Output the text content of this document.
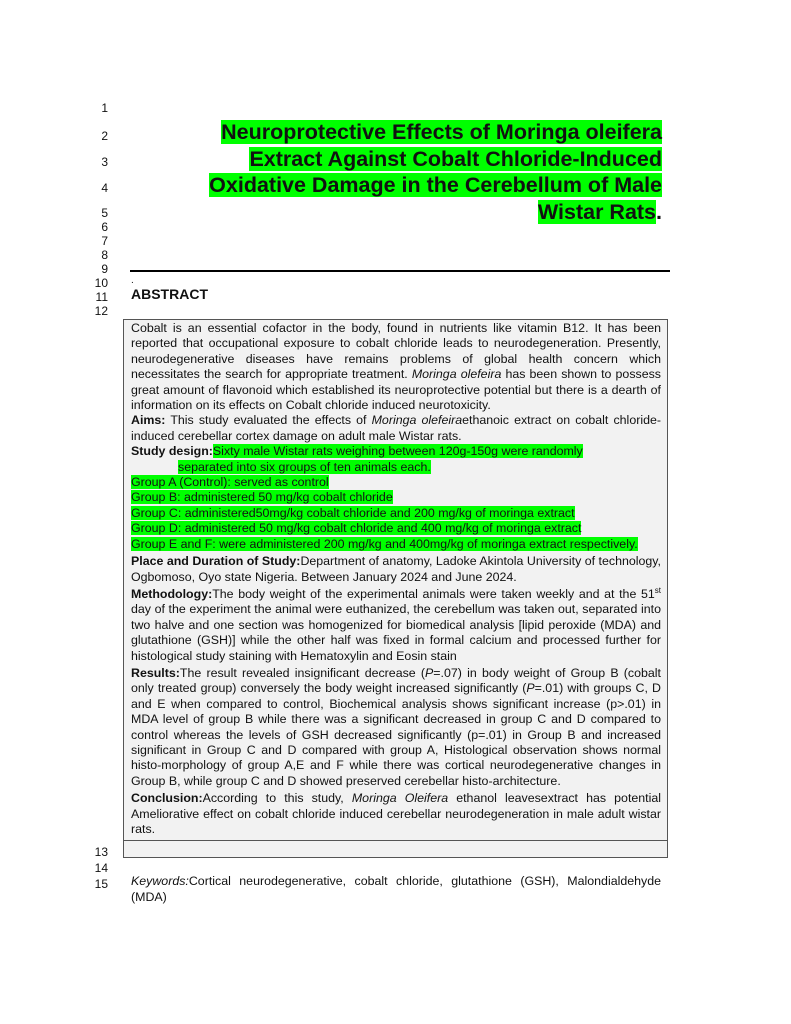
1
2
3
4
5
6
7
8
9
10
11
12
13
14
15
Neuroprotective Effects of Moringa oleifera
Extract Against Cobalt Chloride-Induced
Oxidative Damage in the Cerebellum of Male
Wistar Rats.
.
ABSTRACT

Cobalt is an essential cofactor in the body, found in nutrients like vitamin B12. It has been reported that occupational exposure to cobalt chloride leads to neurodegeneration. Presently, neurodegenerative diseases have remains problems of global health concern which necessitates the search for appropriate treatment. Moringa olefeira has been shown to possess great amount of flavonoid which established its neuroprotective potential but there is a dearth of information on its effects on Cobalt chloride induced neurotoxicity.

Aims: This study evaluated the effects of Moringa olefeiraethanoic extract on cobalt chloride-induced cerebellar cortex damage on adult male Wistar rats.

Study design:Sixty male Wistar rats weighing between 120g-150g were randomly
separated into six groups of ten animals each.

Group A (Control): served as control

Group B: administered 50 mg/kg cobalt chloride

Group C: administered50mg/kg cobalt chloride and 200 mg/kg of moringa extract

Group D: administered 50 mg/kg cobalt chloride and 400 mg/kg of moringa extract

Group E and F: were administered 200 mg/kg and 400mg/kg of moringa extract respectively.

Place and Duration of Study:Department of anatomy, Ladoke Akintola University of technology, Ogbomoso, Oyo state Nigeria. Between January 2024 and June 2024.

Methodology:The body weight of the experimental animals were taken weekly and at the 51st day of the experiment the animal were euthanized, the cerebellum was taken out, separated into two halve and one section was homogenized for biomedical analysis [lipid peroxide (MDA) and glutathione (GSH)] while the other half was fixed in formal calcium and processed further for histological study staining with Hematoxylin and Eosin stain

Results:The result revealed insignificant decrease (P=.07) in body weight of Group B (cobalt only treated group) conversely the body weight increased significantly (P=.01) with groups C, D and E when compared to control, Biochemical analysis shows significant increase (p>.01) in MDA level of group B while there was a significant decreased in group C and D compared to control whereas the levels of GSH decreased significantly (p=.01) in Group B and increased significant in Group C and D compared with group A, Histological observation shows normal histo-morphology of group A,E and F while there was cortical neurodegenerative changes in Group B, while group C and D showed preserved cerebellar histo-architecture.

Conclusion:According to this study, Moringa Oleifera ethanol leavesextract has potential Ameliorative effect on cobalt chloride induced cerebellar neurodegeneration in male adult wistar rats.

Keywords:Cortical neurodegenerative, cobalt chloride, glutathione (GSH), Malondialdehyde (MDA)
